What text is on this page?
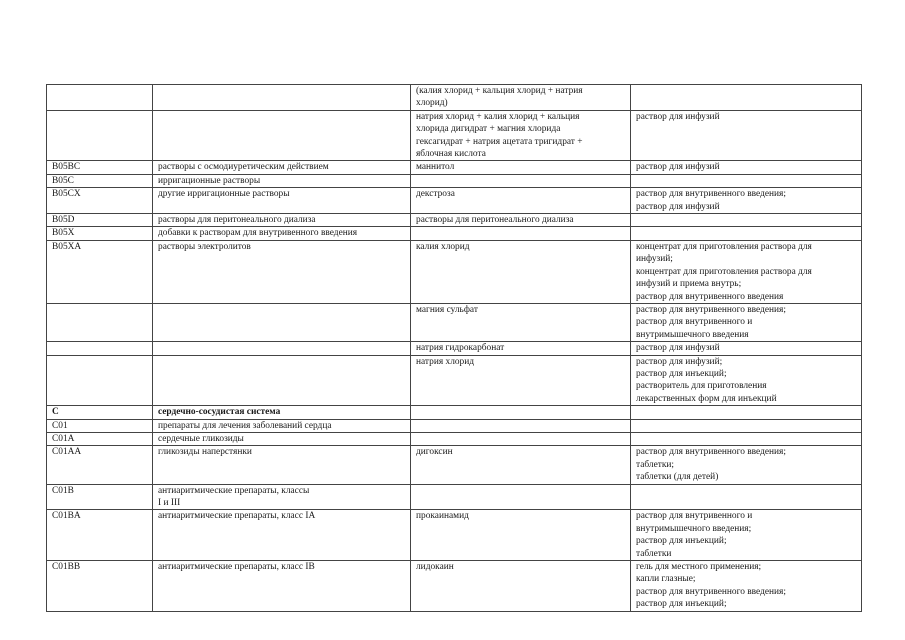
		(калия хлорид + кальция хлорид + натрия
хлорид)	

		натрия хлорид + калия хлорид + кальция
хлорида дигидрат + магния хлорида
гексагидрат + натрия ацетата тригидрат +
яблочная кислота	раствор для инфузий

B05BC	растворы с осмодиуретическим действием	маннитол	раствор для инфузий

B05C	ирригационные растворы		

B05CX	другие ирригационные растворы	декстроза	раствор для внутривенного введения;
раствор для инфузий

B05D	растворы для перитонеального диализа	растворы для перитонеального диализа	

B05X	добавки к растворам для внутривенного введения		

B05XA	растворы электролитов	калия хлорид	концентрат для приготовления раствора для
инфузий;
концентрат для приготовления раствора для
инфузий и приема внутрь;
раствор для внутривенного введения

		магния сульфат	раствор для внутривенного введения;
раствор для внутривенного и
внутримышечного введения

		натрия гидрокарбонат	раствор для инфузий

		натрия хлорид	раствор для инфузий;
раствор для инъекций;
растворитель для приготовления
лекарственных форм для инъекций

C	сердечно-сосудистая система		

C01	препараты для лечения заболеваний сердца		

C01A	сердечные гликозиды		

C01AA	гликозиды наперстянки	дигоксин	раствор для внутривенного введения;
таблетки;
таблетки (для детей)

C01B	антиаритмические препараты, классы
I и III		

C01BA	антиаритмические препараты, класс IA	прокаинамид	раствор для внутривенного и
внутримышечного введения;
раствор для инъекций;
таблетки

C01BB	антиаритмические препараты, класс IB	лидокаин	гель для местного применения;
капли глазные;
раствор для внутривенного введения;
раствор для инъекций;
